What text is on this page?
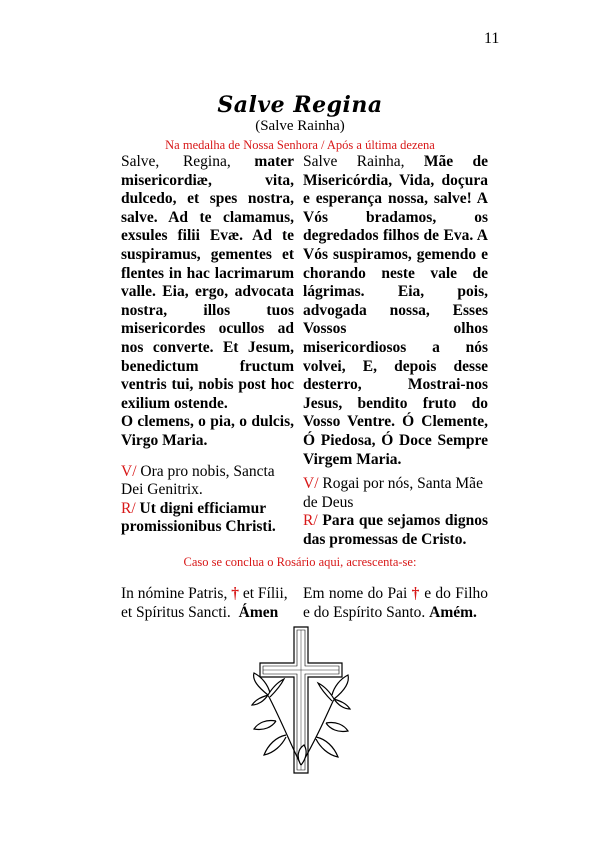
11
Salve Regina
(Salve Rainha)
Na medalha de Nossa Senhora / Após a última dezena
Salve, Regina, mater misericordiæ, vita, dulcedo, et spes nostra, salve. Ad te clamamus, exsules filii Evæ. Ad te suspiramus, gementes et flentes in hac lacrimarum valle. Eia, ergo, advocata nostra, illos tuos misericordes ocullos ad nos converte. Et Jesum, benedictum fructum ventris tui, nobis post hoc exilium ostende.
O clemens, o pia, o dulcis, Virgo Maria.
V/ Ora pro nobis, Sancta Dei Genitrix.
R/ Ut digni efficiamur promissionibus Christi.
Salve Rainha, Mãe de Misericórdia, Vida, doçura e esperança nossa, salve! A Vós bradamos, os degredados filhos de Eva. A Vós suspiramos, gemendo e chorando neste vale de lágrimas. Eia, pois, advogada nossa, Esses Vossos olhos misericordiosos a nós volvei, E, depois desse desterro, Mostrai-nos Jesus, bendito fruto do Vosso Ventre. Ó Clemente, Ó Piedosa, Ó Doce Sempre Virgem Maria.
V/ Rogai por nós, Santa Mãe de Deus
R/ Para que sejamos dignos das promessas de Cristo.
Caso se conclua o Rosário aqui, acrescenta-se:
In nómine Patris, † et Fílii, et Spíritus Sancti. Ámen
Em nome do Pai † e do Filho e do Espírito Santo. Amém.
